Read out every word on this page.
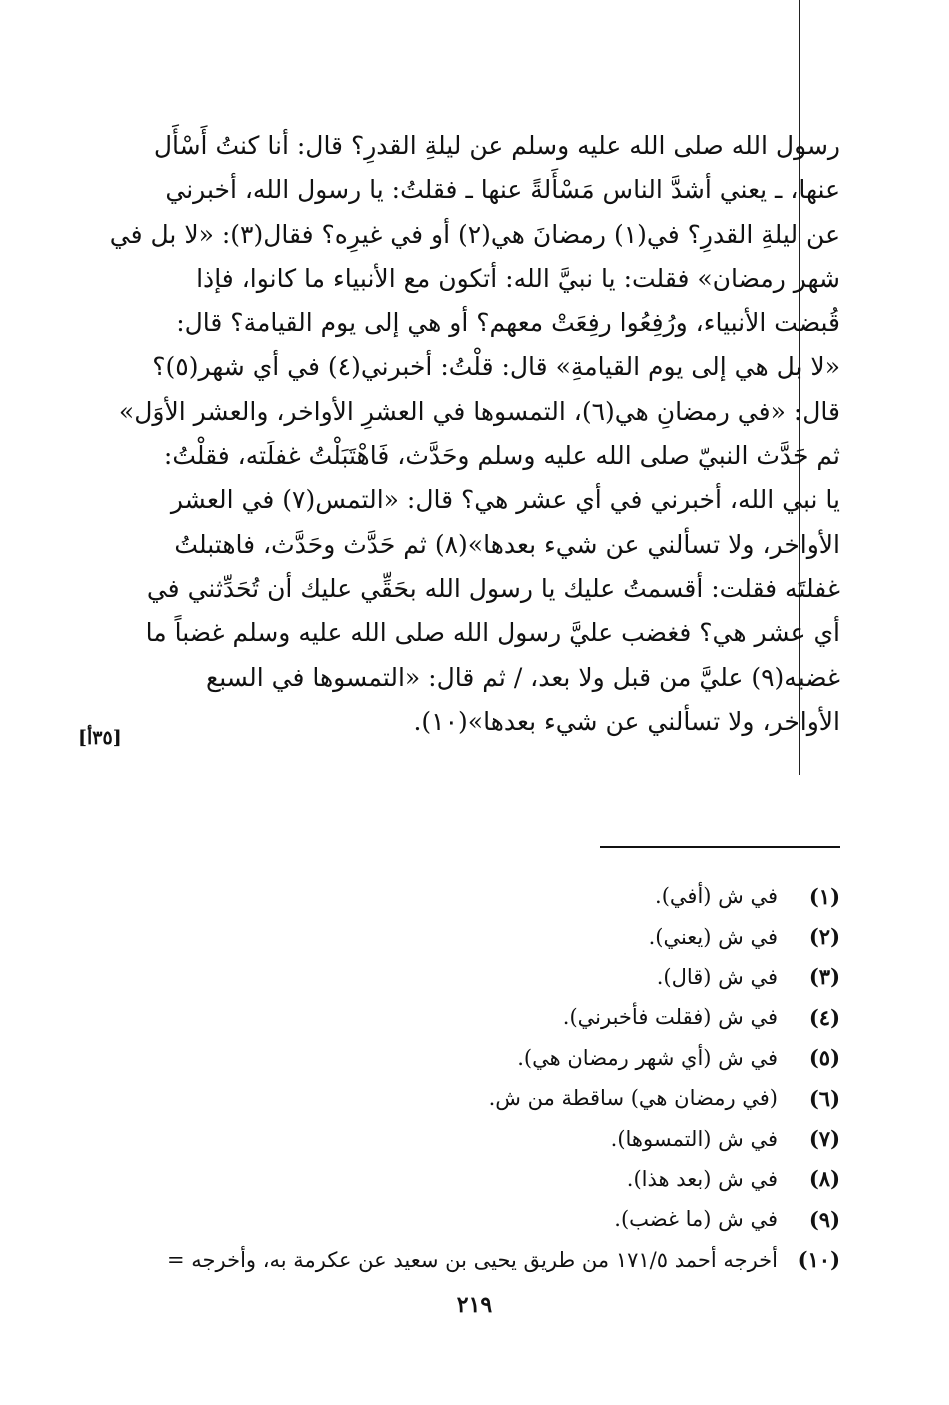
رسول الله صلى الله عليه وسلم عن ليلةِ القدرِ؟ قال: أنا كنتُ أَسْأَل
عنها، ـ يعني أشدَّ الناس مَسْأَلةً عنها ـ فقلتُ: يا رسول الله، أخبرني
عن ليلةِ القدرِ؟ في(١) رمضانَ هي(٢) أو في غيرِه؟ فقال(٣): «لا بل في
شهر رمضان» فقلت: يا نبيَّ الله: أتكون مع الأنبياء ما كانوا، فإذا
قُبضت الأنبياء، ورُفِعُوا رفِعَتْ معهم؟ أو هي إلى يوم القيامة؟ قال:
«لا بل هي إلى يوم القيامةِ» قال: قلْتُ: أخبرني(٤) في أي شهر(٥)؟
قال: «في رمضانِ هي(٦)، التمسوها في العشرِ الأواخر، والعشر الأوَل»
ثم حَدَّث النبيّ صلى الله عليه وسلم وحَدَّث، فَاهْتَبَلْتُ غفلَته، فقلْتُ:
يا نبي الله، أخبرني في أي عشر هي؟ قال: «التمس(٧) في العشر
الأواخر، ولا تسألني عن شيء بعدها»(٨) ثم حَدَّث وحَدَّث، فاهتبلتُ
غفلتَه فقلت: أقسمتُ عليك يا رسول الله بحَقِّي عليك أن تُحَدِّثني في
أي عشر هي؟ فغضب عليَّ رسول الله صلى الله عليه وسلم غضباً ما
غضبه(٩) عليَّ من قبل ولا بعد، / ثم قال: «التمسوها في السبع
الأواخر، ولا تسألني عن شيء بعدها»(١٠).
[٣٥أ]
(١)
في ش (أفي).
(٢)
في ش (يعني).
(٣)
في ش (قال).
(٤)
في ش (فقلت فأخبرني).
(٥)
في ش (أي شهر رمضان هي).
(٦)
(في رمضان هي) ساقطة من ش.
(٧)
في ش (التمسوها).
(٨)
في ش (بعد هذا).
(٩)
في ش (ما غضب).
(١٠)
أخرجه أحمد ١٧١/٥ من طريق يحيى بن سعيد عن عكرمة به، وأخرجه =
٢١٩
